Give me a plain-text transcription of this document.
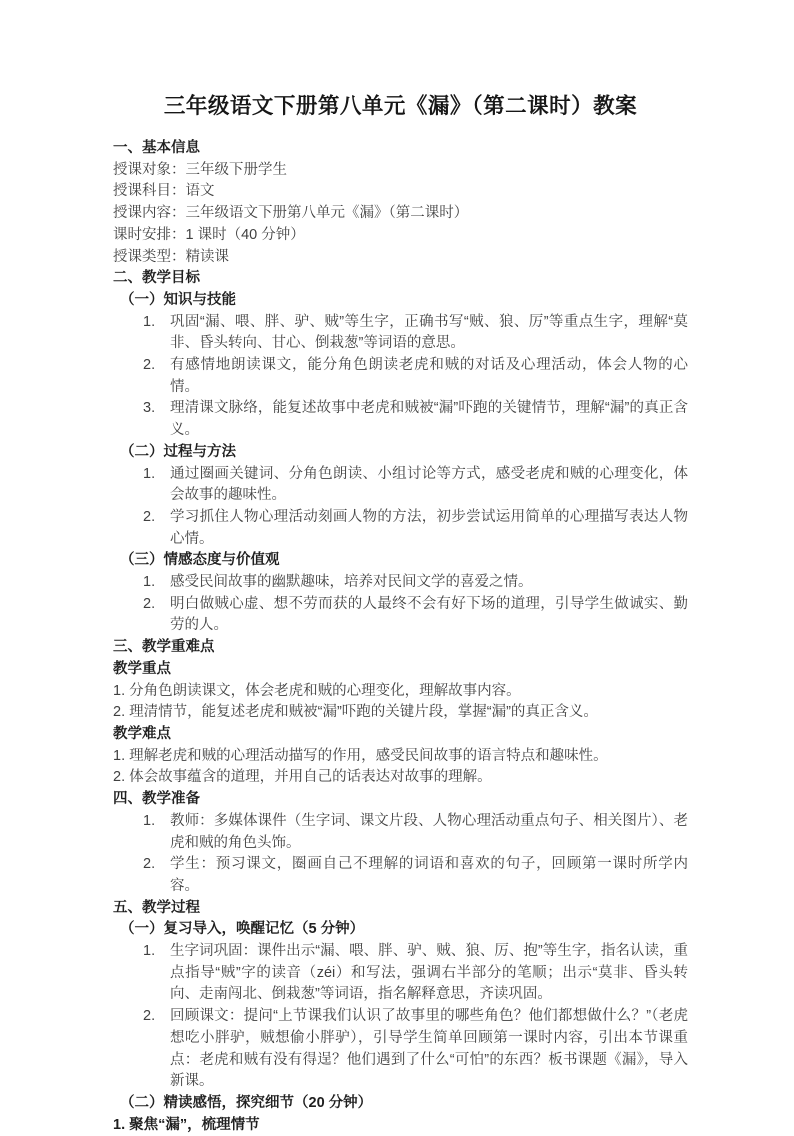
三年级语文下册第八单元《漏》（第二课时）教案
一、基本信息
授课对象：三年级下册学生
授课科目：语文
授课内容：三年级语文下册第八单元《漏》（第二课时）
课时安排：1 课时（40 分钟）
授课类型：精读课
二、教学目标
（一）知识与技能
1. 巩固“漏、喂、胖、驴、贼”等生字，正确书写“贼、狼、厉”等重点生字，理解“莫非、昏头转向、甘心、倒栽葱”等词语的意思。
2. 有感情地朗读课文，能分角色朗读老虎和贼的对话及心理活动，体会人物的心情。
3. 理清课文脉络，能复述故事中老虎和贼被“漏”吓跑的关键情节，理解“漏”的真正含义。
（二）过程与方法
1. 通过圈画关键词、分角色朗读、小组讨论等方式，感受老虎和贼的心理变化，体会故事的趣味性。
2. 学习抓住人物心理活动刻画人物的方法，初步尝试运用简单的心理描写表达人物心情。
（三）情感态度与价值观
1. 感受民间故事的幽默趣味，培养对民间文学的喜爱之情。
2. 明白做贼心虚、想不劳而获的人最终不会有好下场的道理，引导学生做诚实、勤劳的人。
三、教学重难点
教学重点
1. 分角色朗读课文，体会老虎和贼的心理变化，理解故事内容。
2. 理清情节，能复述老虎和贼被“漏”吓跑的关键片段，掌握“漏”的真正含义。
教学难点
1. 理解老虎和贼的心理活动描写的作用，感受民间故事的语言特点和趣味性。
2. 体会故事蕴含的道理，并用自己的话表达对故事的理解。
四、教学准备
1. 教师：多媒体课件（生字词、课文片段、人物心理活动重点句子、相关图片）、老虎和贼的角色头饰。
2. 学生：预习课文，圈画自己不理解的词语和喜欢的句子，回顾第一课时所学内容。
五、教学过程
（一）复习导入，唤醒记忆（5 分钟）
1. 生字词巩固：课件出示“漏、喂、胖、驴、贼、狼、厉、抱”等生字，指名认读，重点指导“贼”字的读音（zéi）和写法，强调右半部分的笔顺；出示“莫非、昏头转向、走南闯北、倒栽葱”等词语，指名解释意思，齐读巩固。
2. 回顾课文：提问“上节课我们认识了故事里的哪些角色？他们都想做什么？”（老虎想吃小胖驴，贼想偷小胖驴），引导学生简单回顾第一课时内容，引出本节课重点：老虎和贼有没有得逞？他们遇到了什么“可怕”的东西？板书课题《漏》，导入新课。
（二）精读感悟，探究细节（20 分钟）
1. 聚焦“漏”，梳理情节
